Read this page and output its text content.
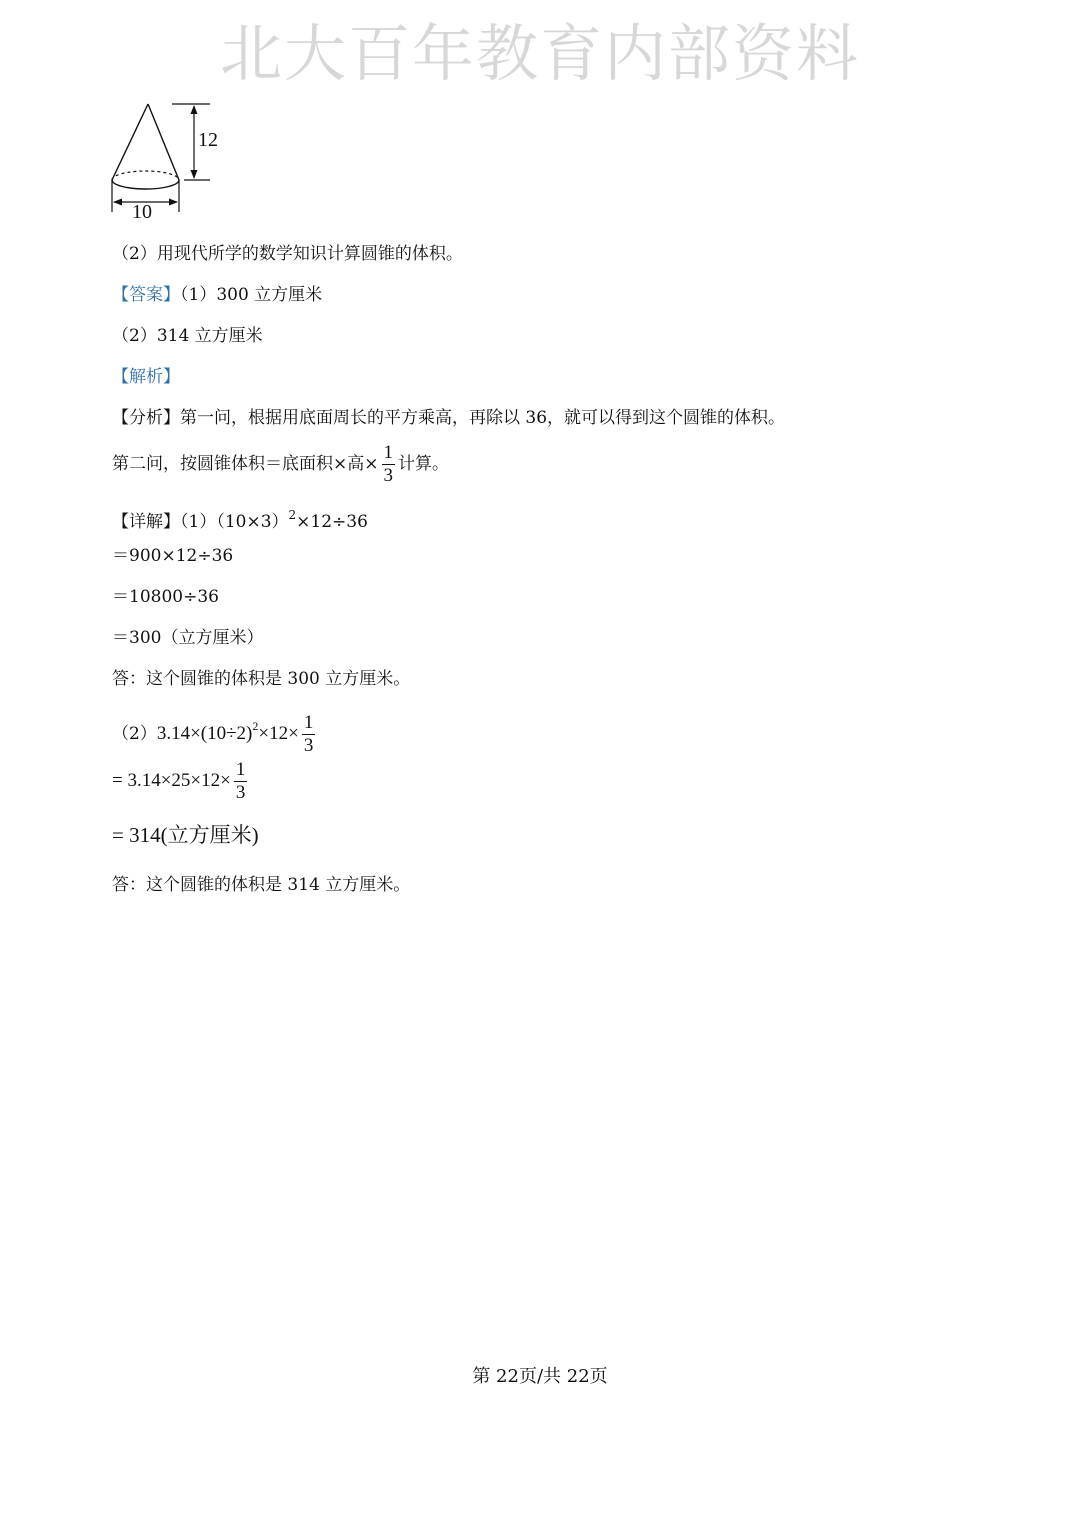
北大百年教育内部资料
12
10
（2）用现代所学的数学知识计算圆锥的体积。
【答案】（1）300 立方厘米
（2）314 立方厘米
【解析】
【分析】第一问，根据用底面周长的平方乘高，再除以 36，就可以得到这个圆锥的体积。
第二问，按圆锥体积＝底面积×高× $\frac{1}{3}$ 计算。
【详解】$(1)(10\times 3)^2\times 12\div 36$
＝900×12÷36
＝10800÷36
＝300（立方厘米）
答：这个圆锥的体积是 300 立方厘米。
$(2)3.14\times(10\div 2)^2\times 12\times \frac{1}{3}$
= $3.14\times 25\times 12\times \frac{1}{3}$
= 314(立方厘米)
答：这个圆锥的体积是 314 立方厘米。
第 22页/共 22页
